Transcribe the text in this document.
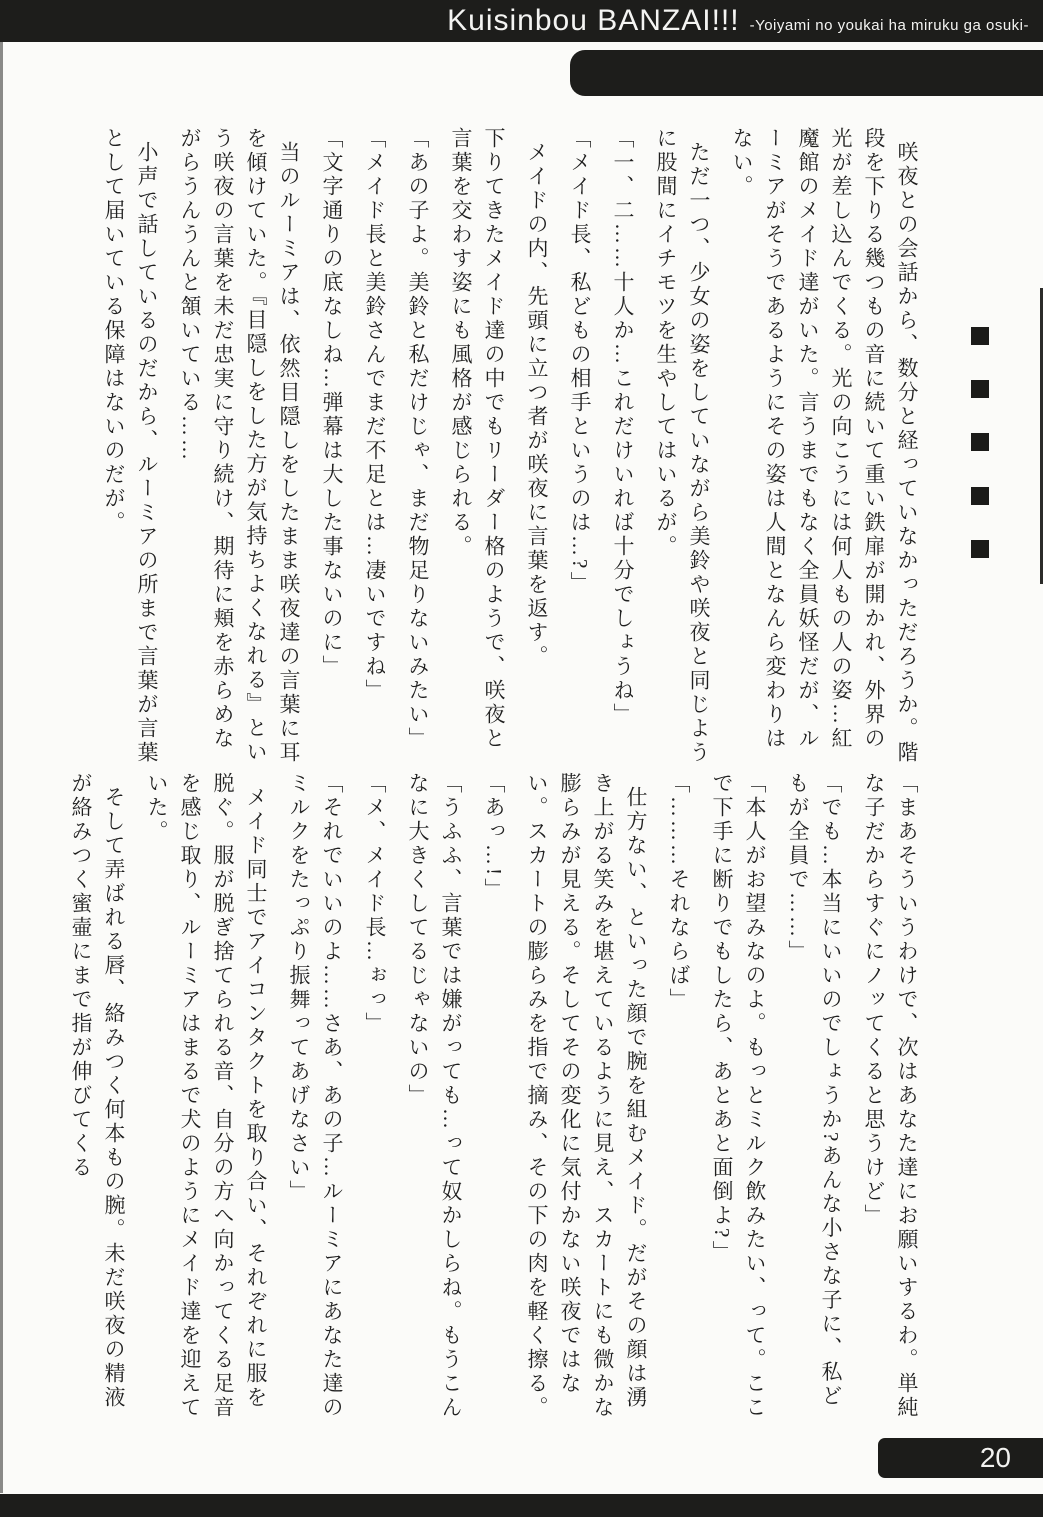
Kuisinbou BANZAI!!! -Yoiyami no youkai ha miruku ga osuki-

咲夜との会話から、数分と経っていなかっただろうか。階段を下りる幾つもの音に続いて重い鉄扉が開かれ、外界の光が差し込んでくる。光の向こうには何人もの人の姿…紅魔館のメイド達がいた。言うまでもなく全員妖怪だが、ルーミアがそうであるようにその姿は人間となんら変わりはない。

ただ一つ、少女の姿をしていながら美鈴や咲夜と同じように股間にイチモツを生やしてはいるが。

「一、二……十人か…これだけいれば十分でしょうね」

「メイド長、私どもの相手というのは…?」

メイドの内、先頭に立つ者が咲夜に言葉を返す。

下りてきたメイド達の中でもリーダー格のようで、咲夜と言葉を交わす姿にも風格が感じられる。

「あの子よ。美鈴と私だけじゃ、まだ物足りないみたい」

「メイド長と美鈴さんでまだ不足とは…凄いですね」

「文字通りの底なしね…弾幕は大した事ないのに」

当のルーミアは、依然目隠しをしたまま咲夜達の言葉に耳を傾けていた。『目隠しをした方が気持ちよくなれる』という咲夜の言葉を未だ忠実に守り続け、期待に頬を赤らめながらうんうんと頷いている……

小声で話しているのだから、ルーミアの所まで言葉が言葉として届いている保障はないのだが。

「まあそういうわけで、次はあなた達にお願いするわ。単純な子だからすぐにノッてくると思うけど」

「でも…本当にいいのでしょうか?あんな小さな子に、私どもが全員で……」

「本人がお望みなのよ。もっとミルク飲みたい、って。ここで下手に断りでもしたら、あとあと面倒よ?」

「………それならば」

仕方ない、といった顔で腕を組むメイド。だがその顔は湧き上がる笑みを堪えているように見え、スカートにも微かな膨らみが見える。そしてその変化に気付かない咲夜ではない。スカートの膨らみを指で摘み、その下の肉を軽く擦る。

「あっ…!」

「うふふ、言葉では嫌がっても…って奴かしらね。もうこんなに大きくしてるじゃないの」

「メ、メイド長…ぉっ」

「それでいいのよ……さあ、あの子…ルーミアにあなた達のミルクをたっぷり振舞ってあげなさい」

メイド同士でアイコンタクトを取り合い、それぞれに服を脱ぐ。服が脱ぎ捨てられる音、自分の方へ向かってくる足音を感じ取り、ルーミアはまるで犬のようにメイド達を迎えていた。

そして弄ばれる唇、絡みつく何本もの腕。未だ咲夜の精液が絡みつく蜜壷にまで指が伸びてくる

20
